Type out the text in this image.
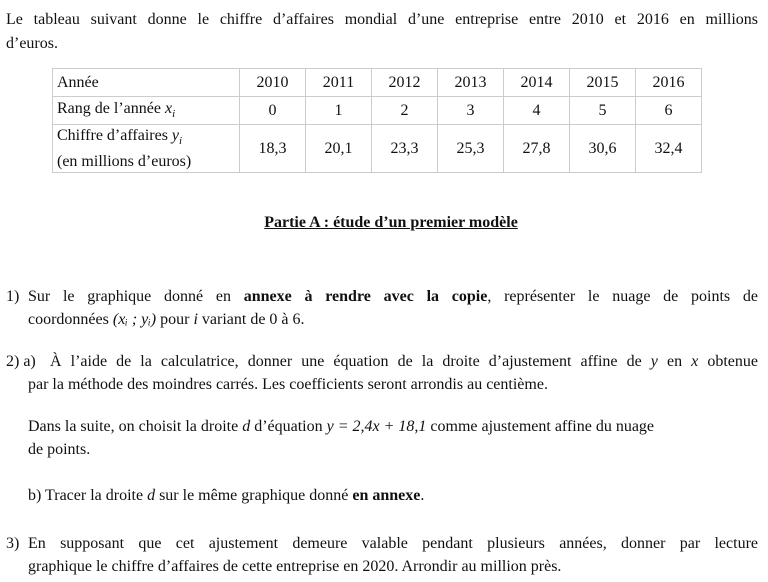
Le tableau suivant donne le chiffre d’affaires mondial d’une entreprise entre 2010 et 2016 en millions
d’euros.
Année	2010	2011	2012	2013	2014	2015	2016
Rang de l’année $x_i$	0	1	2	3	4	5	6
Chiffre d’affaires $y_i$
(en millions d’euros)	18,3	20,1	23,3	25,3	27,8	30,6	32,4
Partie A : étude d’un premier modèle
1) Sur le graphique donné en annexe à rendre avec la copie, représenter le nuage de points de
coordonnées (xᵢ ; yᵢ) pour i variant de 0 à 6.
2) a) À l’aide de la calculatrice, donner une équation de la droite d’ajustement affine de y en x obtenue
par la méthode des moindres carrés. Les coefficients seront arrondis au centième.
Dans la suite, on choisit la droite d d’équation y = 2,4x + 18,1 comme ajustement affine du nuage
de points.
b) Tracer la droite d sur le même graphique donné en annexe.
3) En supposant que cet ajustement demeure valable pendant plusieurs années, donner par lecture
graphique le chiffre d’affaires de cette entreprise en 2020. Arrondir au million près.
